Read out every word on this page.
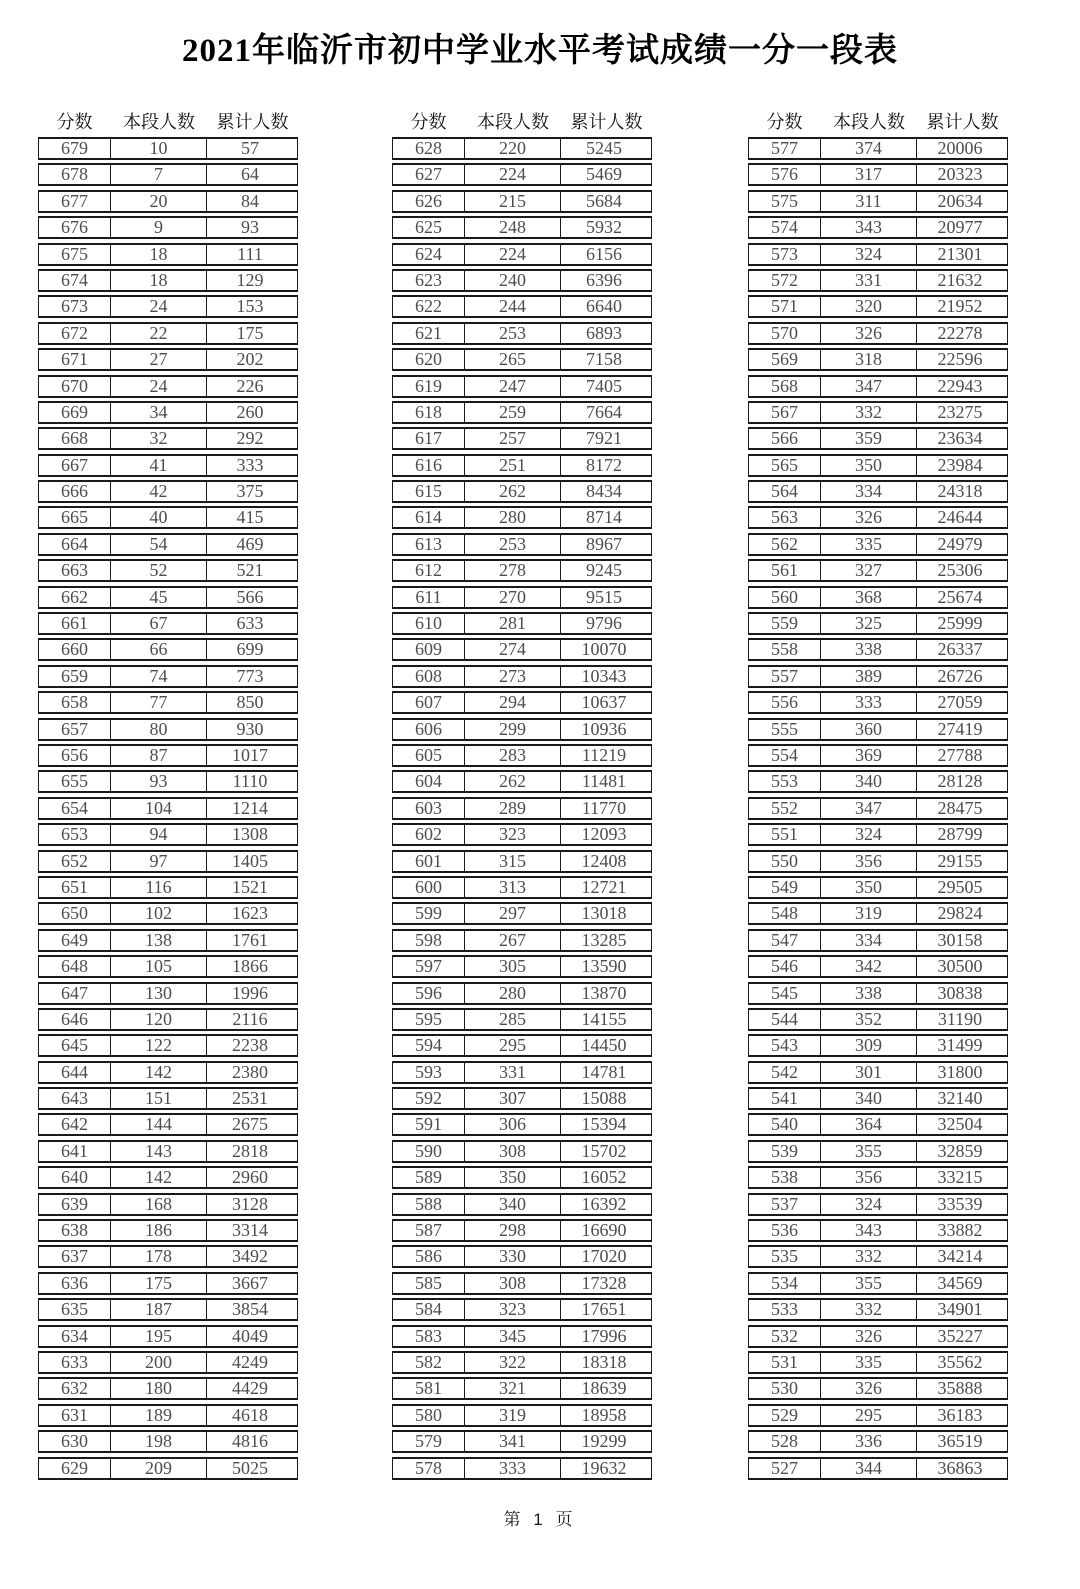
2021年临沂市初中学业水平考试成绩一分一段表
分数	本段人数	累计人数
679	10	57
678	7	64
677	20	84
676	9	93
675	18	111
674	18	129
673	24	153
672	22	175
671	27	202
670	24	226
669	34	260
668	32	292
667	41	333
666	42	375
665	40	415
664	54	469
663	52	521
662	45	566
661	67	633
660	66	699
659	74	773
658	77	850
657	80	930
656	87	1017
655	93	1110
654	104	1214
653	94	1308
652	97	1405
651	116	1521
650	102	1623
649	138	1761
648	105	1866
647	130	1996
646	120	2116
645	122	2238
644	142	2380
643	151	2531
642	144	2675
641	143	2818
640	142	2960
639	168	3128
638	186	3314
637	178	3492
636	175	3667
635	187	3854
634	195	4049
633	200	4249
632	180	4429
631	189	4618
630	198	4816
629	209	5025
分数	本段人数	累计人数
628	220	5245
627	224	5469
626	215	5684
625	248	5932
624	224	6156
623	240	6396
622	244	6640
621	253	6893
620	265	7158
619	247	7405
618	259	7664
617	257	7921
616	251	8172
615	262	8434
614	280	8714
613	253	8967
612	278	9245
611	270	9515
610	281	9796
609	274	10070
608	273	10343
607	294	10637
606	299	10936
605	283	11219
604	262	11481
603	289	11770
602	323	12093
601	315	12408
600	313	12721
599	297	13018
598	267	13285
597	305	13590
596	280	13870
595	285	14155
594	295	14450
593	331	14781
592	307	15088
591	306	15394
590	308	15702
589	350	16052
588	340	16392
587	298	16690
586	330	17020
585	308	17328
584	323	17651
583	345	17996
582	322	18318
581	321	18639
580	319	18958
579	341	19299
578	333	19632
分数	本段人数	累计人数
577	374	20006
576	317	20323
575	311	20634
574	343	20977
573	324	21301
572	331	21632
571	320	21952
570	326	22278
569	318	22596
568	347	22943
567	332	23275
566	359	23634
565	350	23984
564	334	24318
563	326	24644
562	335	24979
561	327	25306
560	368	25674
559	325	25999
558	338	26337
557	389	26726
556	333	27059
555	360	27419
554	369	27788
553	340	28128
552	347	28475
551	324	28799
550	356	29155
549	350	29505
548	319	29824
547	334	30158
546	342	30500
545	338	30838
544	352	31190
543	309	31499
542	301	31800
541	340	32140
540	364	32504
539	355	32859
538	356	33215
537	324	33539
536	343	33882
535	332	34214
534	355	34569
533	332	34901
532	326	35227
531	335	35562
530	326	35888
529	295	36183
528	336	36519
527	344	36863
第 1 页
